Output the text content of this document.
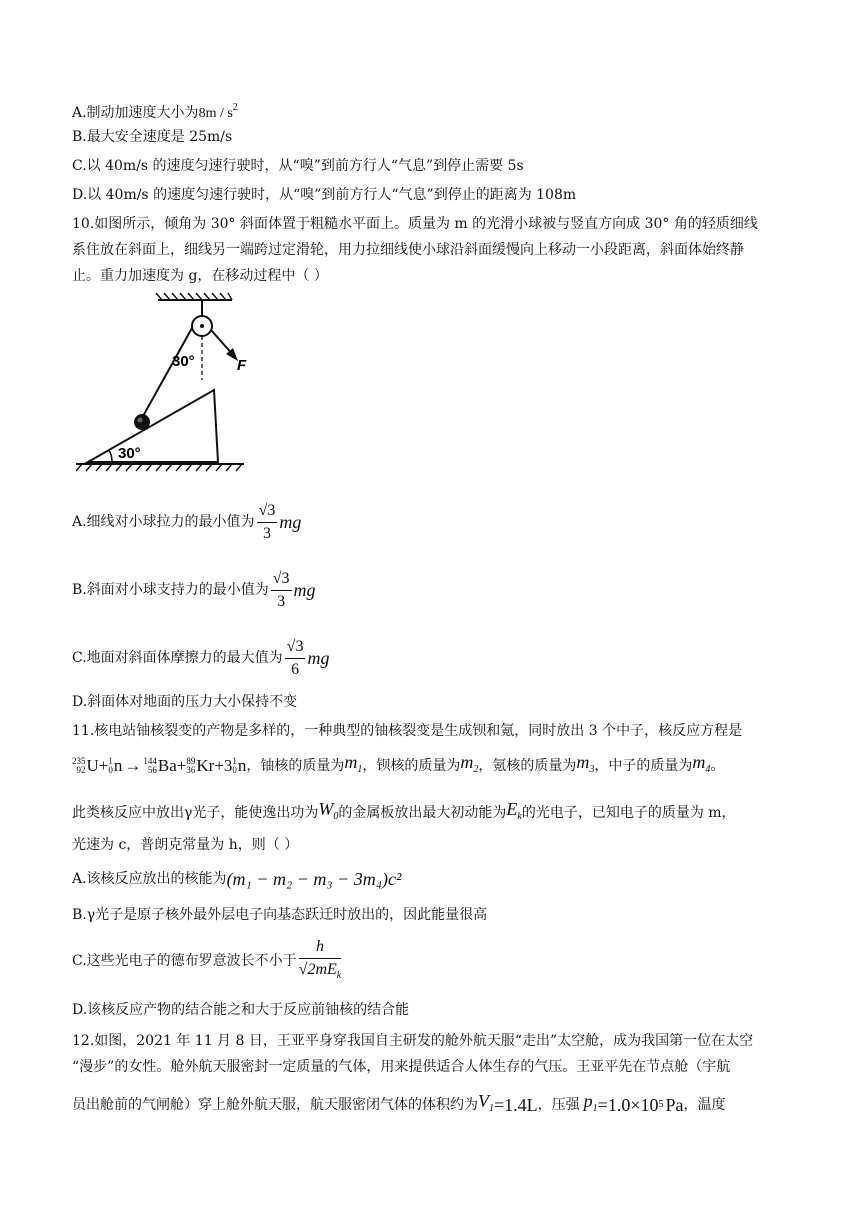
A.制动加速度大小为$8m / s^2$
B.最大安全速度是 25m/s
C.以 40m/s 的速度匀速行驶时，从“嗅”到前方行人“气息”到停止需要 5s
D.以 40m/s 的速度匀速行驶时，从“嗅”到前方行人“气息”到停止的距离为 108m
10.如图所示，倾角为 30° 斜面体置于粗糙水平面上。质量为 m 的光滑小球被与竖直方向成 30° 角的轻质细线
系住放在斜面上，细线另一端跨过定滑轮，用力拉细线使小球沿斜面缓慢向上移动一小段距离，斜面体始终静
止。重力加速度为 g，在移动过程中（ ）
F
30°
30°
A.细线对小球拉力的最小值为 $\frac{√3}{3}$ mg
B.斜面对小球支持力的最小值为 $\frac{√3}{3}$ mg
C.地面对斜面体摩擦力的最大值为 $\frac{√3}{6}$ mg
D.斜面体对地面的压力大小保持不变
11.核电站铀核裂变的产物是多样的，一种典型的铀核裂变是生成钡和氪，同时放出 3 个中子，核反应方程是
235
92 U + 1
0 n → 144
56 Ba + 89
36 Kr + 3 1
0 n ，铀核的质量为 $m_1$ ，钡核的质量为 $m_2$ ，氪核的质量为 $m_3$ ，中子的质量为 $m_4$ 。
此类核反应中放出γ光子，能使逸出功为 $W_0$ 的金属板放出最大初动能为 $E_k$ 的光电子，已知电子的质量为 m，
光速为 c，普朗克常量为 h，则（ ）
A.该核反应放出的核能为 (m₁ − m₂ − m₃ − 3m₄)c²
B.γ光子是原子核外最外层电子向基态跃迁时放出的，因此能量很高
C.这些光电子的德布罗意波长不小于 $\frac{h}{√2mE_k}$
D.该核反应产物的结合能之和大于反应前铀核的结合能
12.如图，2021 年 11 月 8 日，王亚平身穿我国自主研发的舱外航天服“走出”太空舱，成为我国第一位在太空
“漫步”的女性。舱外航天服密封一定质量的气体，用来提供适合人体生存的气压。王亚平先在节点舱（宇航
员出舱前的气闸舱）穿上舱外航天服，航天服密闭气体的体积约为 $V_1 = 1.4L$ ，压强 $p_1 = 1.0\times 10$ 5 Pa ，温度
